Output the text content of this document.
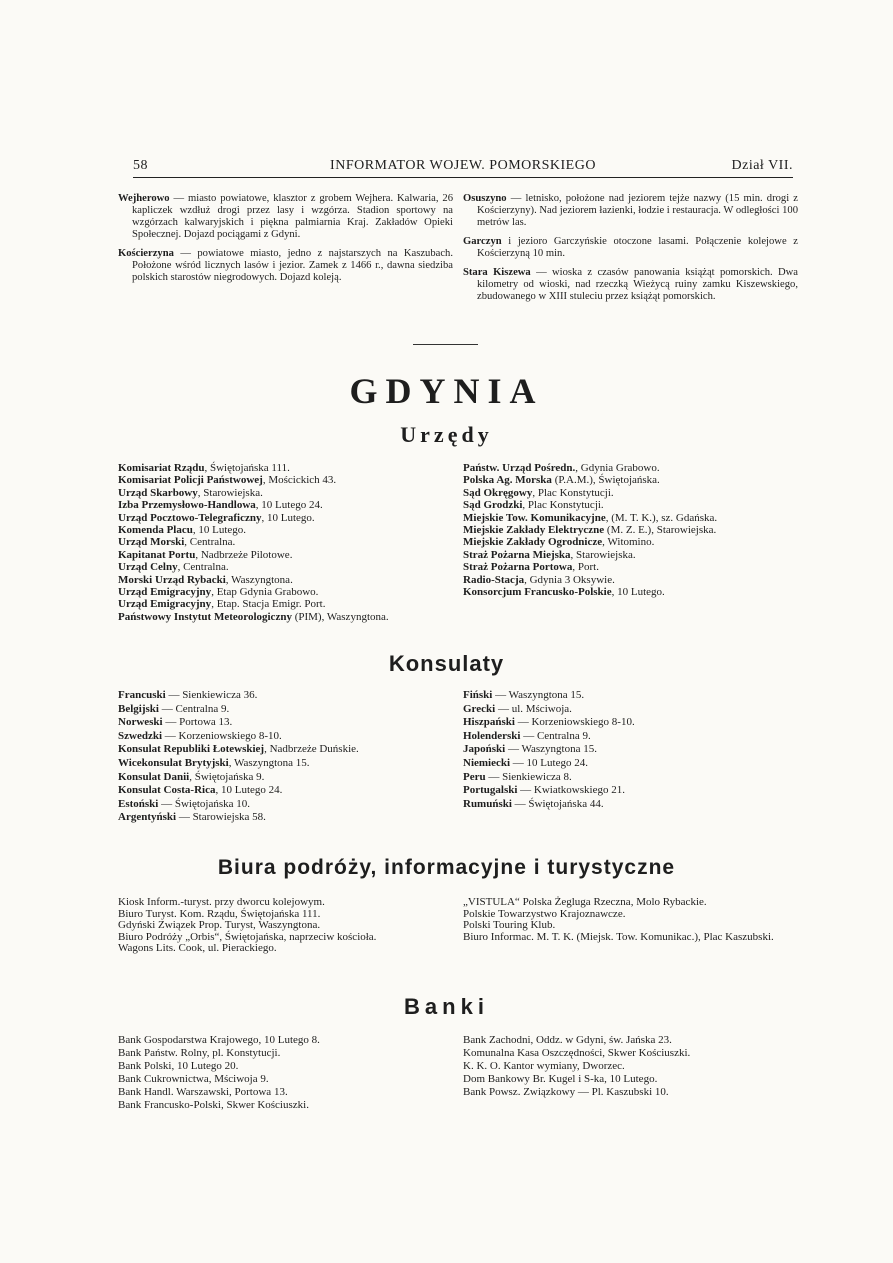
58	INFORMATOR WOJEW. POMORSKIEGO	Dział VII.
Wejherowo — miasto powiatowe, klasztor z grobem Wejhera. Kalwaria, 26 kapliczek wzdłuż drogi przez lasy i wzgórza. Stadion sportowy na wzgórzach kalwaryjskich i piękna palmiarnia Kraj. Zakładów Opieki Społecznej. Dojazd pociągami z Gdyni.
Kościerzyna — powiatowe miasto, jedno z najstarszych na Kaszubach. Położone wśród licznych lasów i jezior. Zamek z 1466 r., dawna siedziba polskich starostów niegrodowych. Dojazd koleją.
Osuszyno — letnisko, położone nad jeziorem tejże nazwy (15 min. drogi z Kościerzyny). Nad jeziorem łazienki, łodzie i restauracja. W odległości 100 metrów las.
Garczyn i jezioro Garczyńskie otoczone lasami. Połączenie kolejowe z Kościerzyną 10 min.
Stara Kiszewa — wioska z czasów panowania książąt pomorskich. Dwa kilometry od wioski, nad rzeczką Wieżycą ruiny zamku Kiszewskiego, zbudowanego w XIII stuleciu przez książąt pomorskich.
GDYNIA
Urzędy
Komisariat Rządu, Świętojańska 111.
Komisariat Policji Państwowej, Mościckich 43.
Urząd Skarbowy, Starowiejska.
Izba Przemysłowo-Handlowa, 10 Lutego 24.
Urząd Pocztowo-Telegraficzny, 10 Lutego.
Komenda Placu, 10 Lutego.
Urząd Morski, Centralna.
Kapitanat Portu, Nadbrzeże Pilotowe.
Urząd Celny, Centralna.
Morski Urząd Rybacki, Waszyngtona.
Urząd Emigracyjny, Etap Gdynia Grabowo.
Urząd Emigracyjny, Etap. Stacja Emigr. Port.
Państwowy Instytut Meteorologiczny (PIM), Waszyngtona.
Państw. Urząd Pośredn., Gdynia Grabowo.
Polska Ag. Morska (P.A.M.), Świętojańska.
Sąd Okręgowy, Plac Konstytucji.
Sąd Grodzki, Plac Konstytucji.
Miejskie Tow. Komunikacyjne, (M. T. K.), sz. Gdańska.
Miejskie Zakłady Elektryczne (M. Z. E.), Starowiejska.
Miejskie Zakłady Ogrodnicze, Witomino.
Straż Pożarna Miejska, Starowiejska.
Straż Pożarna Portowa, Port.
Radio-Stacja, Gdynia 3 Oksywie.
Konsorcjum Francusko-Polskie, 10 Lutego.
Konsulaty
Francuski — Sienkiewicza 36.
Belgijski — Centralna 9.
Norweski — Portowa 13.
Szwedzki — Korzeniowskiego 8-10.
Konsulat Republiki Łotewskiej, Nadbrzeże Duńskie.
Wicekonsulat Brytyjski, Waszyngtona 15.
Konsulat Danii, Świętojańska 9.
Konsulat Costa-Rica, 10 Lutego 24.
Estoński — Świętojańska 10.
Argentyński — Starowiejska 58.
Fiński — Waszyngtona 15.
Grecki — ul. Mściwoja.
Hiszpański — Korzeniowskiego 8-10.
Holenderski — Centralna 9.
Japoński — Waszyngtona 15.
Niemiecki — 10 Lutego 24.
Peru — Sienkiewicza 8.
Portugalski — Kwiatkowskiego 21.
Rumuński — Świętojańska 44.
Biura podróży, informacyjne i turystyczne
Kiosk Inform.-turyst. przy dworcu kolejowym.
Biuro Turyst. Kom. Rządu, Świętojańska 111.
Gdyński Związek Prop. Turyst, Waszyngtona.
Biuro Podróży „Orbis“, Świętojańska, naprzeciw kościoła.
Wagons Lits. Cook, ul. Pierackiego.
„VISTULA“ Polska Żegluga Rzeczna, Molo Rybackie.
Polskie Towarzystwo Krajoznawcze.
Polski Touring Klub.
Biuro Informac. M. T. K. (Miejsk. Tow. Komunikac.), Plac Kaszubski.
Banki
Bank Gospodarstwa Krajowego, 10 Lutego 8.
Bank Państw. Rolny, pl. Konstytucji.
Bank Polski, 10 Lutego 20.
Bank Cukrownictwa, Mściwoja 9.
Bank Handl. Warszawski, Portowa 13.
Bank Francusko-Polski, Skwer Kościuszki.
Bank Zachodni, Oddz. w Gdyni, św. Jańska 23.
Komunalna Kasa Oszczędności, Skwer Kościuszki.
K. K. O. Kantor wymiany, Dworzec.
Dom Bankowy Br. Kugel i S-ka, 10 Lutego.
Bank Powsz. Związkowy — Pl. Kaszubski 10.
